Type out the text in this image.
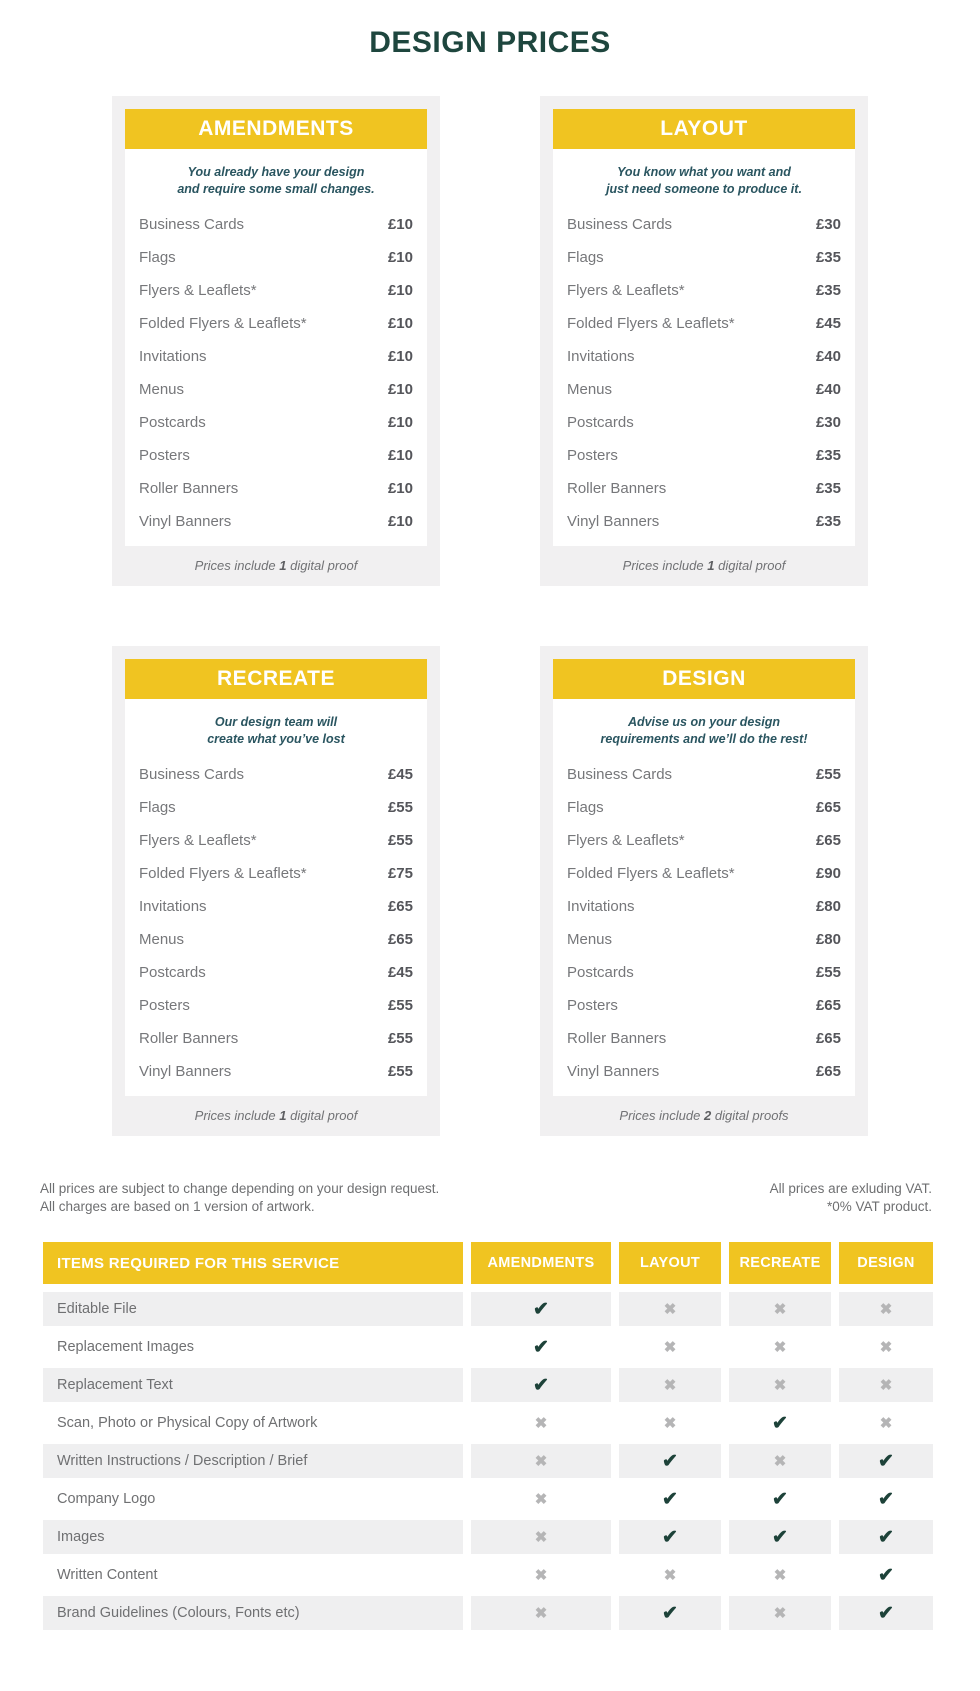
DESIGN PRICES
AMENDMENTS
You already have your design
and require some small changes.
Business Cards	£10
Flags	£10
Flyers & Leaflets*	£10
Folded Flyers & Leaflets*	£10
Invitations	£10
Menus	£10
Postcards	£10
Posters	£10
Roller Banners	£10
Vinyl Banners	£10
Prices include 1 digital proof
LAYOUT
You know what you want and
just need someone to produce it.
Business Cards	£30
Flags	£35
Flyers & Leaflets*	£35
Folded Flyers & Leaflets*	£45
Invitations	£40
Menus	£40
Postcards	£30
Posters	£35
Roller Banners	£35
Vinyl Banners	£35
Prices include 1 digital proof
RECREATE
Our design team will
create what you’ve lost
Business Cards	£45
Flags	£55
Flyers & Leaflets*	£55
Folded Flyers & Leaflets*	£75
Invitations	£65
Menus	£65
Postcards	£45
Posters	£55
Roller Banners	£55
Vinyl Banners	£55
Prices include 1 digital proof
DESIGN
Advise us on your design
requirements and we’ll do the rest!
Business Cards	£55
Flags	£65
Flyers & Leaflets*	£65
Folded Flyers & Leaflets*	£90
Invitations	£80
Menus	£80
Postcards	£55
Posters	£65
Roller Banners	£65
Vinyl Banners	£65
Prices include 2 digital proofs
All prices are subject to change depending on your design request.
All charges are based on 1 version of artwork.
All prices are exluding VAT.
*0% VAT product.
ITEMS REQUIRED FOR THIS SERVICE	AMENDMENTS	LAYOUT	RECREATE	DESIGN
Editable File	✔	✖	✖	✖
Replacement Images	✔	✖	✖	✖
Replacement Text	✔	✖	✖	✖
Scan, Photo or Physical Copy of Artwork	✖	✖	✔	✖
Written Instructions / Description / Brief	✖	✔	✖	✔
Company Logo	✖	✔	✔	✔
Images	✖	✔	✔	✔
Written Content	✖	✖	✖	✔
Brand Guidelines (Colours, Fonts etc)	✖	✔	✖	✔
